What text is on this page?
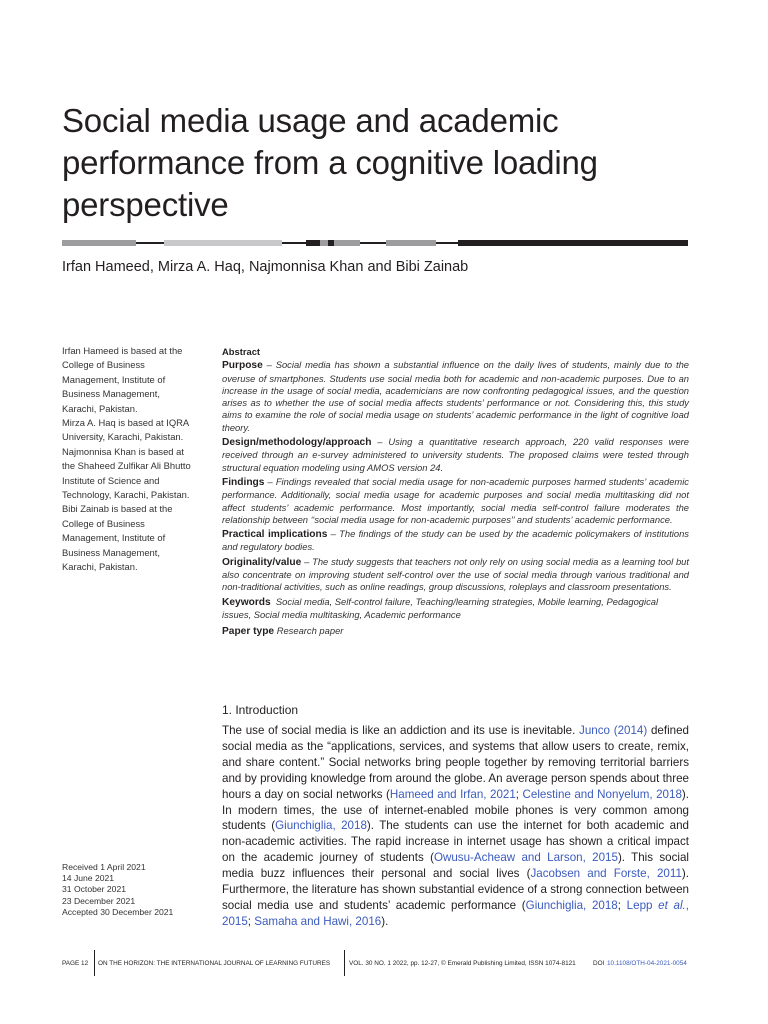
Social media usage and academic performance from a cognitive loading perspective
Irfan Hameed, Mirza A. Haq, Najmonnisa Khan and Bibi Zainab

Irfan Hameed is based at the College of Business Management, Institute of Business Management, Karachi, Pakistan.

Mirza A. Haq is based at IQRA University, Karachi, Pakistan. Najmonnisa Khan is based at the Shaheed Zulfikar Ali Bhutto Institute of Science and Technology, Karachi, Pakistan.

Bibi Zainab is based at the College of Business Management, Institute of Business Management, Karachi, Pakistan.

Received 1 April 2021
14 June 2021
31 October 2021
23 December 2021
Accepted 30 December 2021
Abstract

Purpose – Social media has shown a substantial influence on the daily lives of students, mainly due to the overuse of smartphones. Students use social media both for academic and non-academic purposes. Due to an increase in the usage of social media, academicians are now confronting pedagogical issues, and the question arises as to whether the use of social media affects students’ performance or not. Considering this, this study aims to examine the role of social media usage on students’ academic performance in the light of cognitive load theory.

Design/methodology/approach – Using a quantitative research approach, 220 valid responses were received through an e-survey administered to university students. The proposed claims were tested through structural equation modeling using AMOS version 24.

Findings – Findings revealed that social media usage for non-academic purposes harmed students’ academic performance. Additionally, social media usage for academic purposes and social media multitasking did not affect students’ academic performance. Most importantly, social media self-control failure moderates the relationship between ‘‘social media usage for non-academic purposes’’ and students’ academic performance.

Practical implications – The findings of the study can be used by the academic policymakers of institutions and regulatory bodies.

Originality/value – The study suggests that teachers not only rely on using social media as a learning tool but also concentrate on improving student self-control over the use of social media through various traditional and non-traditional activities, such as online readings, group discussions, roleplays and classroom presentations.

Keywords Social media, Self-control failure, Teaching/learning strategies, Mobile learning, Pedagogical issues, Social media multitasking, Academic performance

Paper type Research paper

1. Introduction

The use of social media is like an addiction and its use is inevitable. Junco (2014) defined social media as the “applications, services, and systems that allow users to create, remix, and share content.” Social networks bring people together by removing territorial barriers and by providing knowledge from around the globe. An average person spends about three hours a day on social networks (Hameed and Irfan, 2021; Celestine and Nonyelum, 2018). In modern times, the use of internet-enabled mobile phones is very common among students (Giunchiglia, 2018). The students can use the internet for both academic and non-academic activities. The rapid increase in internet usage has shown a critical impact on the academic journey of students (Owusu-Acheaw and Larson, 2015). This social media buzz influences their personal and social lives (Jacobsen and Forste, 2011). Furthermore, the literature has shown substantial evidence of a strong connection between social media use and students’ academic performance (Giunchiglia, 2018; Lepp et al., 2015; Samaha and Hawi, 2016).

PAGE 12 ON THE HORIZON: THE INTERNATIONAL JOURNAL OF LEARNING FUTURES	VOL. 30 NO. 1 2022, pp. 12-27, © Emerald Publishing Limited, ISSN 1074-8121	DOI 10.1108/OTH-04-2021-0054
